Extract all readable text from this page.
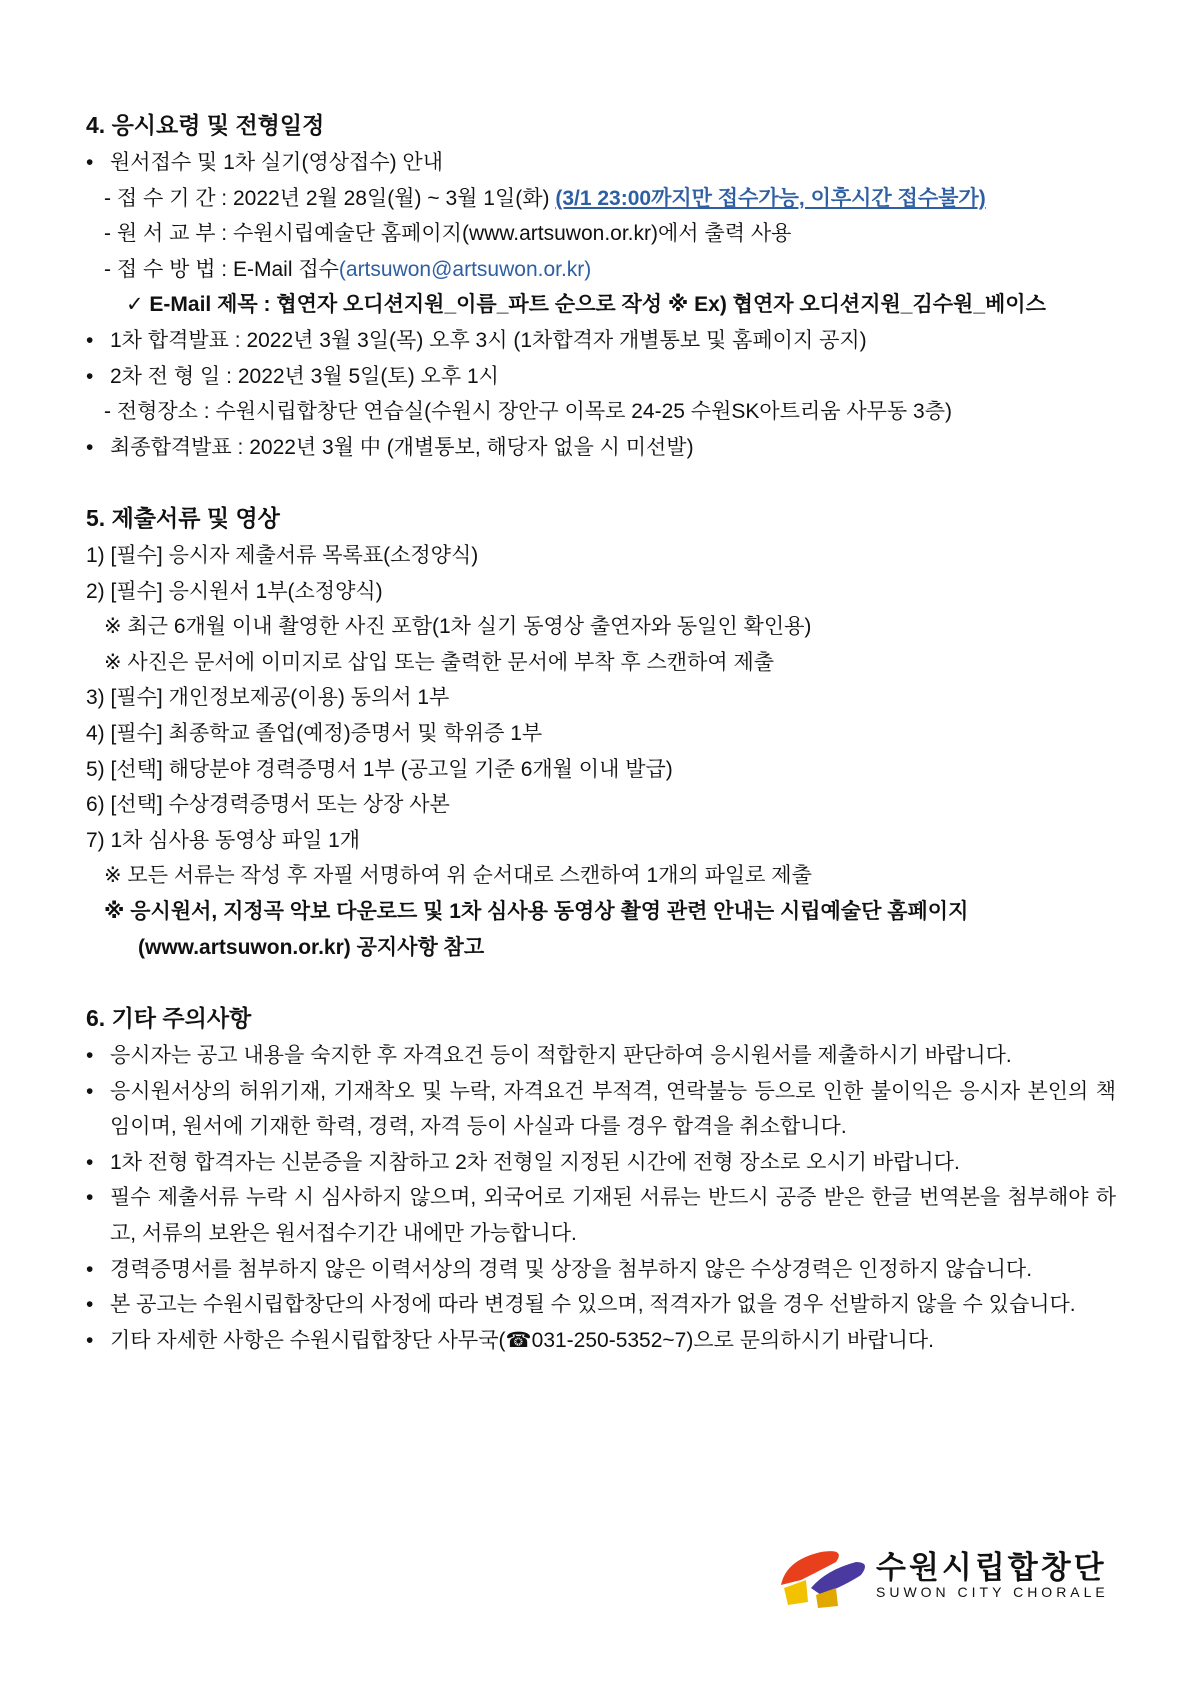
4. 응시요령 및 전형일정
• 원서접수 및 1차 실기(영상접수) 안내
- 접 수 기 간 : 2022년 2월 28일(월) ~ 3월 1일(화) (3/1 23:00까지만 접수가능, 이후시간 접수불가)
- 원 서 교 부 : 수원시립예술단 홈페이지(www.artsuwon.or.kr)에서 출력 사용
- 접 수 방 법 : E-Mail 접수(artsuwon@artsuwon.or.kr)
✓ E-Mail 제목 : 협연자 오디션지원_이름_파트 순으로 작성 ※ Ex) 협연자 오디션지원_김수원_베이스
• 1차 합격발표 : 2022년 3월 3일(목) 오후 3시 (1차합격자 개별통보 및 홈페이지 공지)
• 2차 전 형 일 : 2022년 3월 5일(토) 오후 1시
- 전형장소 : 수원시립합창단 연습실(수원시 장안구 이목로 24-25 수원SK아트리움 사무동 3층)
• 최종합격발표 : 2022년 3월 中 (개별통보, 해당자 없을 시 미선발)
5. 제출서류 및 영상
1) [필수] 응시자 제출서류 목록표(소정양식)
2) [필수] 응시원서 1부(소정양식)
※ 최근 6개월 이내 촬영한 사진 포함(1차 실기 동영상 출연자와 동일인 확인용)
※ 사진은 문서에 이미지로 삽입 또는 출력한 문서에 부착 후 스캔하여 제출
3) [필수] 개인정보제공(이용) 동의서 1부
4) [필수] 최종학교 졸업(예정)증명서 및 학위증 1부
5) [선택] 해당분야 경력증명서 1부 (공고일 기준 6개월 이내 발급)
6) [선택] 수상경력증명서 또는 상장 사본
7) 1차 심사용 동영상 파일 1개
※ 모든 서류는 작성 후 자필 서명하여 위 순서대로 스캔하여 1개의 파일로 제출
※ 응시원서, 지정곡 악보 다운로드 및 1차 심사용 동영상 촬영 관련 안내는 시립예술단 홈페이지 (www.artsuwon.or.kr) 공지사항 참고
6. 기타 주의사항
• 응시자는 공고 내용을 숙지한 후 자격요건 등이 적합한지 판단하여 응시원서를 제출하시기 바랍니다.
• 응시원서상의 허위기재, 기재착오 및 누락, 자격요건 부적격, 연락불능 등으로 인한 불이익은 응시자 본인의 책임이며, 원서에 기재한 학력, 경력, 자격 등이 사실과 다를 경우 합격을 취소합니다.
• 1차 전형 합격자는 신분증을 지참하고 2차 전형일 지정된 시간에 전형 장소로 오시기 바랍니다.
• 필수 제출서류 누락 시 심사하지 않으며, 외국어로 기재된 서류는 반드시 공증 받은 한글 번역본을 첨부해야 하고, 서류의 보완은 원서접수기간 내에만 가능합니다.
• 경력증명서를 첨부하지 않은 이력서상의 경력 및 상장을 첨부하지 않은 수상경력은 인정하지 않습니다.
• 본 공고는 수원시립합창단의 사정에 따라 변경될 수 있으며, 적격자가 없을 경우 선발하지 않을 수 있습니다.
• 기타 자세한 사항은 수원시립합창단 사무국(☎031-250-5352~7)으로 문의하시기 바랍니다.
수원시립합창단
SUWON CITY CHORALE
